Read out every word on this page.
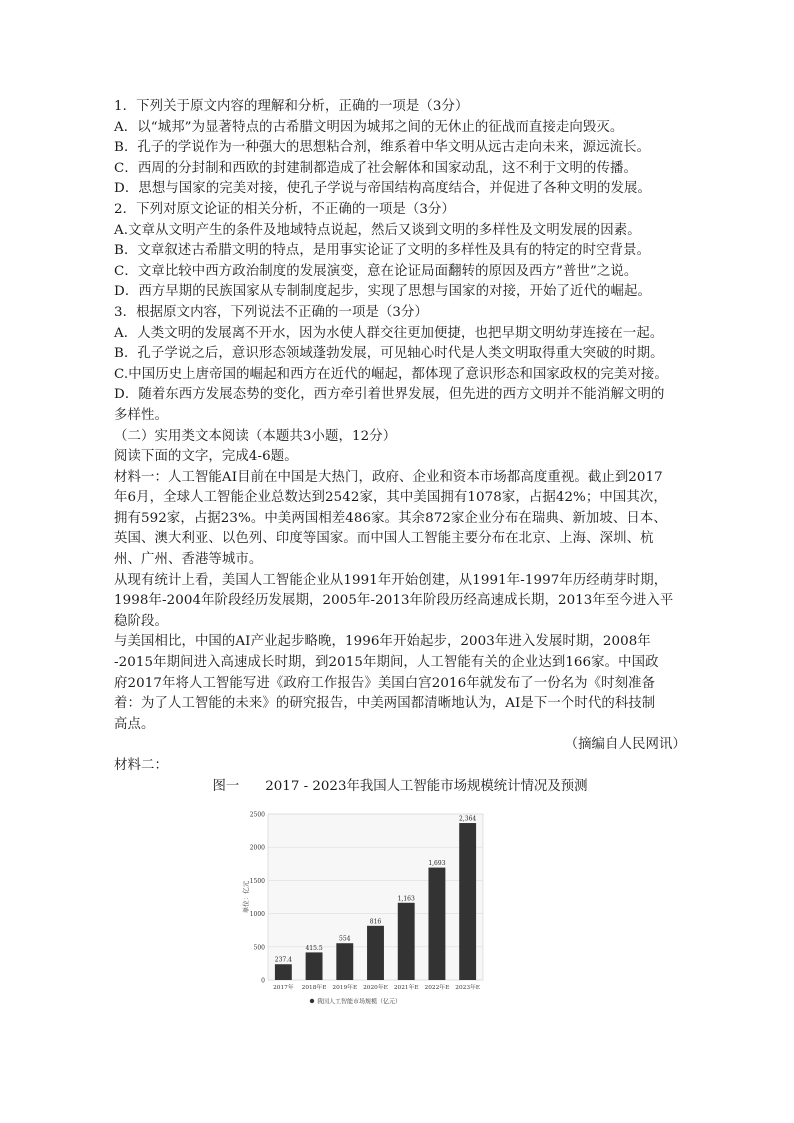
1．下列关于原文内容的理解和分析，正确的一项是（3分）
A．以“城邦”为显著特点的古希腊文明因为城邦之间的无休止的征战而直接走向毁灭。
B．孔子的学说作为一种强大的思想粘合剂，维系着中华文明从远古走向未来，源远流长。
C．西周的分封制和西欧的封建制都造成了社会解体和国家动乱，这不利于文明的传播。
D．思想与国家的完美对接，使孔子学说与帝国结构高度结合，并促进了各种文明的发展。
2．下列对原文论证的相关分析，不正确的一项是（3分）
A.文章从文明产生的条件及地域特点说起，然后又谈到文明的多样性及文明发展的因素。
B．文章叙述古希腊文明的特点，是用事实论证了文明的多样性及具有的特定的时空背景。
C．文章比较中西方政治制度的发展演变，意在论证局面翻转的原因及西方”普世”之说。
D．西方早期的民族国家从专制制度起步，实现了思想与国家的对接，开始了近代的崛起。
3．根据原文内容，下列说法不正确的一项是（3分）
A．人类文明的发展离不开水，因为水使人群交往更加便捷，也把早期文明幼芽连接在一起。
B．孔子学说之后，意识形态领域蓬勃发展，可见轴心时代是人类文明取得重大突破的时期。
C.中国历史上唐帝国的崛起和西方在近代的崛起，都体现了意识形态和国家政权的完美对接。
D．随着东西方发展态势的变化，西方牵引着世界发展，但先进的西方文明并不能消解文明的
多样性。
（二）实用类文本阅读（本题共3小题，12分）
阅读下面的文字，完成4-6题。
材料一：人工智能AI目前在中国是大热门，政府、企业和资本市场都高度重视。截止到2017
年6月，全球人工智能企业总数达到2542家，其中美国拥有1078家，占据42%；中国其次，
拥有592家，占据23%。中美两国相差486家。其余872家企业分布在瑞典、新加坡、日本、
英国、澳大利亚、以色列、印度等国家。而中国人工智能主要分布在北京、上海、深圳、杭
州、广州、香港等城市。
从现有统计上看，美国人工智能企业从1991年开始创建，从1991年-1997年历经萌芽时期，
1998年-2004年阶段经历发展期，2005年-2013年阶段历经高速成长期，2013年至今进入平
稳阶段。
与美国相比，中国的AI产业起步略晚，1996年开始起步，2003年进入发展时期，2008年
-2015年期间进入高速成长时期，到2015年期间，人工智能有关的企业达到166家。中国政
府2017年将人工智能写进《政府工作报告》美国白宫2016年就发布了一份名为《时刻准备
着：为了人工智能的未来》的研究报告，中美两国都清晰地认为，AI是下一个时代的科技制
高点。
（摘编自人民网讯）
材料二：
图一 2017 - 2023年我国人工智能市场规模统计情况及预测
0
500
1000
1500
2000
2500
单位：亿元
237.4
2017年
415.5
2018年E
554
2019年E
816
2020年E
1,163
2021年E
1,693
2022年E
2,364
2023年E
我国人工智能市场规模（亿元）
